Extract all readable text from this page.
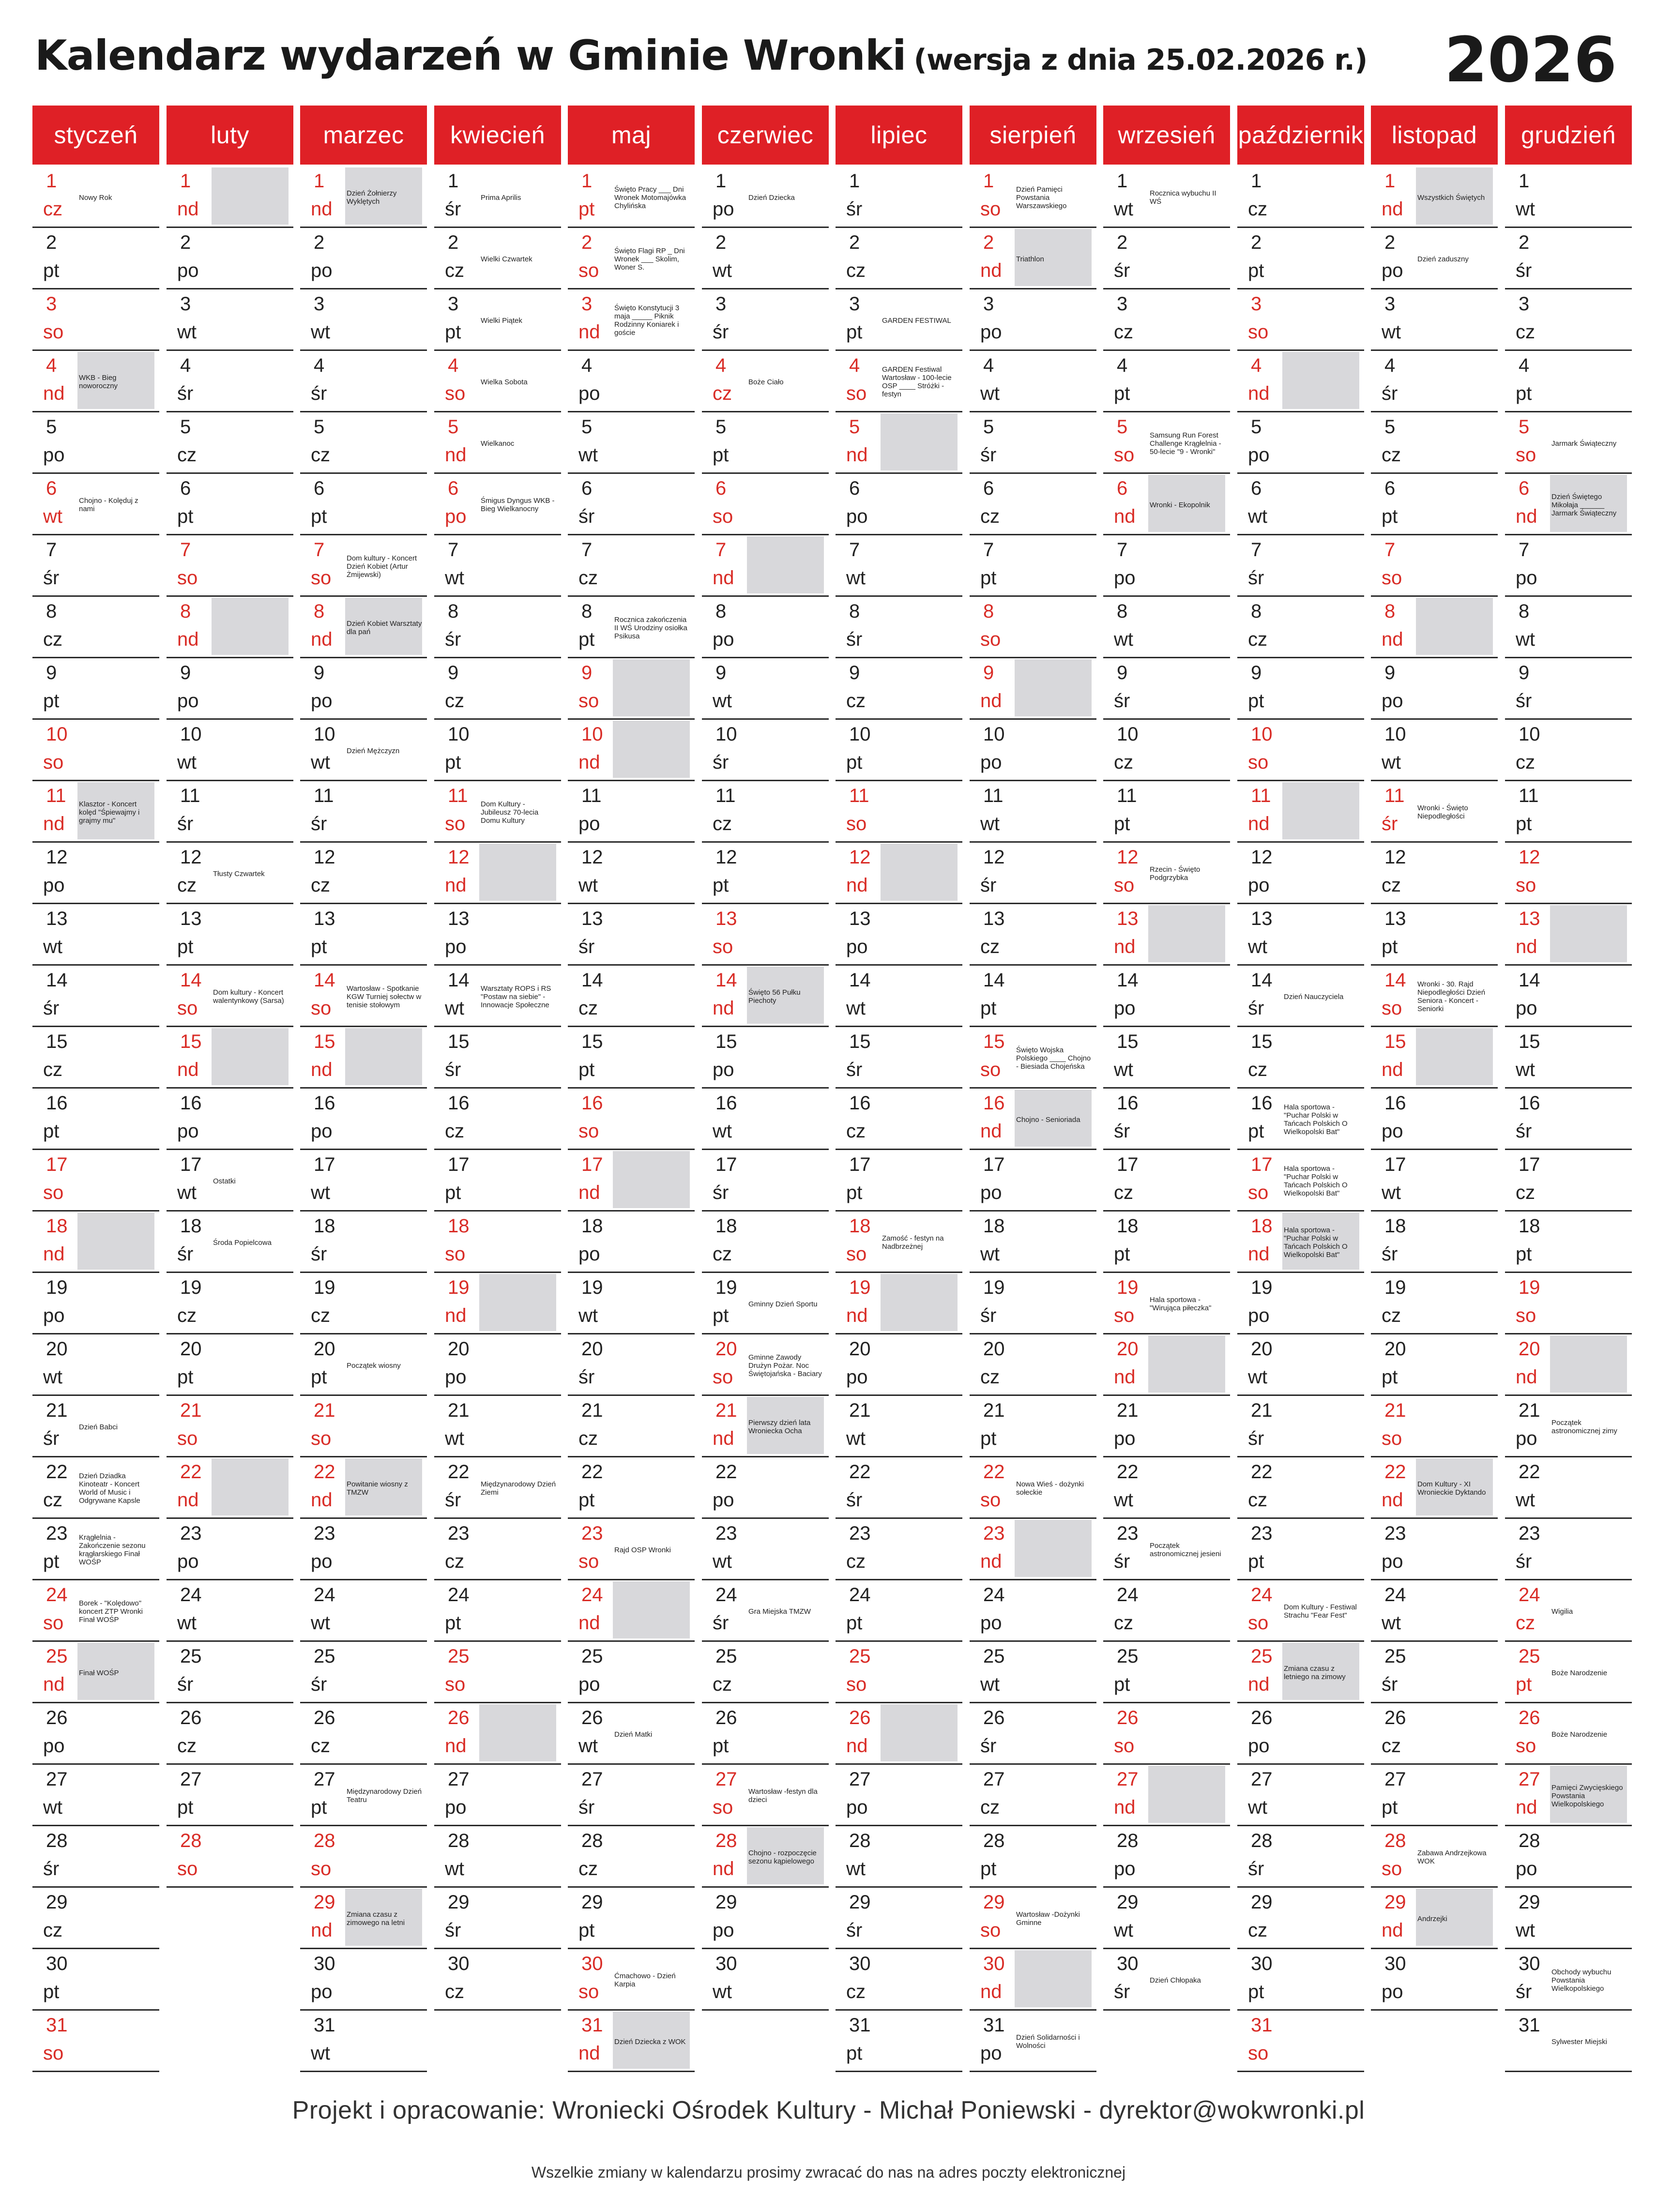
Kalendarz wydarzeń w Gminie Wronki (wersja z dnia 25.02.2026 r.) 2026
styczeń
1
cz
Nowy Rok
2
pt
3
so
4
nd
WKB - Bieg noworoczny
5
po
6
wt
Chojno - Kolęduj z nami
7
śr
8
cz
9
pt
10
so
11
nd
Klasztor - Koncert kolęd "Śpiewajmy i grajmy mu"
12
po
13
wt
14
śr
15
cz
16
pt
17
so
18
nd
19
po
20
wt
21
śr
Dzień Babci
22
cz
Dzień Dziadka Kinoteatr - Koncert World of Music i Odgrywane Kapsle
23
pt
Krągłelnia - Zakończenie sezonu krągłarskiego Finał WOŚP
24
so
Borek - "Kolędowo" koncert ZTP Wronki Finał WOŚP
25
nd
Finał WOŚP
26
po
27
wt
28
śr
29
cz
30
pt
31
so
luty
1
nd
2
po
3
wt
4
śr
5
cz
6
pt
7
so
8
nd
9
po
10
wt
11
śr
12
cz
Tłusty Czwartek
13
pt
14
so
Dom kultury - Koncert walentynkowy (Sarsa)
15
nd
16
po
17
wt
Ostatki
18
śr
Środa Popielcowa
19
cz
20
pt
21
so
22
nd
23
po
24
wt
25
śr
26
cz
27
pt
28
so
marzec
1
nd
Dzień Żołnierzy Wyklętych
2
po
3
wt
4
śr
5
cz
6
pt
7
so
Dom kultury - Koncert Dzień Kobiet (Artur Żmijewski)
8
nd
Dzień Kobiet Warsztaty dla pań
9
po
10
wt
Dzień Mężczyzn
11
śr
12
cz
13
pt
14
so
Wartosław - Spotkanie KGW Turniej sołectw w tenisie stołowym
15
nd
16
po
17
wt
18
śr
19
cz
20
pt
Początek wiosny
21
so
22
nd
Powitanie wiosny z TMZW
23
po
24
wt
25
śr
26
cz
27
pt
Międzynarodowy Dzień Teatru
28
so
29
nd
Zmiana czasu z zimowego na letni
30
po
31
wt
kwiecień
1
śr
Prima Aprilis
2
cz
Wielki Czwartek
3
pt
Wielki Piątek
4
so
Wielka Sobota
5
nd
Wielkanoc
6
po
Śmigus Dyngus WKB - Bieg Wielkanocny
7
wt
8
śr
9
cz
10
pt
11
so
Dom Kultury - Jubileusz 70-lecia Domu Kultury
12
nd
13
po
14
wt
Warsztaty ROPS i RS "Postaw na siebie" - Innowacje Społeczne
15
śr
16
cz
17
pt
18
so
19
nd
20
po
21
wt
22
śr
Międzynarodowy Dzień Ziemi
23
cz
24
pt
25
so
26
nd
27
po
28
wt
29
śr
30
cz
maj
1
pt
Święto Pracy ___ Dni Wronek Motomajówka Chylińska
2
so
Święto Flagi RP _ Dni Wronek ___ Skolim, Woner S.
3
nd
Święto Konstytucji 3 maja _____ Piknik Rodzinny Koniarek i goście
4
po
5
wt
6
śr
7
cz
8
pt
Rocznica zakończenia II WŚ Urodziny osiołka Psikusa
9
so
10
nd
11
po
12
wt
13
śr
14
cz
15
pt
16
so
17
nd
18
po
19
wt
20
śr
21
cz
22
pt
23
so
Rajd OSP Wronki
24
nd
25
po
26
wt
Dzień Matki
27
śr
28
cz
29
pt
30
so
Ćmachowo - Dzień Karpia
31
nd
Dzień Dziecka z WOK
czerwiec
1
po
Dzień Dziecka
2
wt
3
śr
4
cz
Boże Ciało
5
pt
6
so
7
nd
8
po
9
wt
10
śr
11
cz
12
pt
13
so
14
nd
Święto 56 Pułku Piechoty
15
po
16
wt
17
śr
18
cz
19
pt
Gminny Dzień Sportu
20
so
Gminne Zawody Drużyn Pożar. Noc Świętojańska - Baciary
21
nd
Pierwszy dzień lata Wroniecka Ocha
22
po
23
wt
24
śr
Gra Miejska TMZW
25
cz
26
pt
27
so
Wartosław -festyn dla dzieci
28
nd
Chojno - rozpoczęcie sezonu kąpielowego
29
po
30
wt
lipiec
1
śr
2
cz
3
pt
GARDEN FESTIWAL
4
so
GARDEN Festiwal Wartosław - 100-lecie OSP ____ Stróżki - festyn
5
nd
6
po
7
wt
8
śr
9
cz
10
pt
11
so
12
nd
13
po
14
wt
15
śr
16
cz
17
pt
18
so
Zamość - festyn na Nadbrzeżnej
19
nd
20
po
21
wt
22
śr
23
cz
24
pt
25
so
26
nd
27
po
28
wt
29
śr
30
cz
31
pt
sierpień
1
so
Dzień Pamięci Powstania Warszawskiego
2
nd
Triathlon
3
po
4
wt
5
śr
6
cz
7
pt
8
so
9
nd
10
po
11
wt
12
śr
13
cz
14
pt
15
so
Święto Wojska Polskiego ____ Chojno - Biesiada Chojeńska
16
nd
Chojno - Senioriada
17
po
18
wt
19
śr
20
cz
21
pt
22
so
Nowa Wieś - dożynki sołeckie
23
nd
24
po
25
wt
26
śr
27
cz
28
pt
29
so
Wartosław -Dożynki Gminne
30
nd
31
po
Dzień Solidarności i Wolności
wrzesień
1
wt
Rocznica wybuchu II WŚ
2
śr
3
cz
4
pt
5
so
Samsung Run Forest Challenge Krągłelnia - 50-lecie "9 - Wronki"
6
nd
Wronki - Ekopolnik
7
po
8
wt
9
śr
10
cz
11
pt
12
so
Rzecin - Święto Podgrzybka
13
nd
14
po
15
wt
16
śr
17
cz
18
pt
19
so
Hala sportowa - "Wirująca piłeczka"
20
nd
21
po
22
wt
23
śr
Początek astronomicznej jesieni
24
cz
25
pt
26
so
27
nd
28
po
29
wt
30
śr
Dzień Chłopaka
październik
1
cz
2
pt
3
so
4
nd
5
po
6
wt
7
śr
8
cz
9
pt
10
so
11
nd
12
po
13
wt
14
śr
Dzień Nauczyciela
15
cz
16
pt
Hala sportowa - "Puchar Polski w Tańcach Polskich O Wielkopolski Bat"
17
so
Hala sportowa - "Puchar Polski w Tańcach Polskich O Wielkopolski Bat"
18
nd
Hala sportowa - "Puchar Polski w Tańcach Polskich O Wielkopolski Bat"
19
po
20
wt
21
śr
22
cz
23
pt
24
so
Dom Kultury - Festiwal Strachu "Fear Fest"
25
nd
Zmiana czasu z letniego na zimowy
26
po
27
wt
28
śr
29
cz
30
pt
31
so
listopad
1
nd
Wszystkich Świętych
2
po
Dzień zaduszny
3
wt
4
śr
5
cz
6
pt
7
so
8
nd
9
po
10
wt
11
śr
Wronki - Święto Niepodległości
12
cz
13
pt
14
so
Wronki - 30. Rajd Niepodległości Dzień Seniora - Koncert - Seniorki
15
nd
16
po
17
wt
18
śr
19
cz
20
pt
21
so
22
nd
Dom Kultury - XI Wronieckie Dyktando
23
po
24
wt
25
śr
26
cz
27
pt
28
so
Zabawa Andrzejkowa WOK
29
nd
Andrzejki
30
po
grudzień
1
wt
2
śr
3
cz
4
pt
5
so
Jarmark Świąteczny
6
nd
Dzień Świętego Mikołaja ______ Jarmark Świąteczny
7
po
8
wt
9
śr
10
cz
11
pt
12
so
13
nd
14
po
15
wt
16
śr
17
cz
18
pt
19
so
20
nd
21
po
Początek astronomicznej zimy
22
wt
23
śr
24
cz
Wigilia
25
pt
Boże Narodzenie
26
so
Boże Narodzenie
27
nd
Pamięci Zwycięskiego Powstania Wielkopolskiego
28
po
29
wt
30
śr
Obchody wybuchu Powstania Wielkopolskiego
31
Sylwester Miejski
Projekt i opracowanie: Wroniecki Ośrodek Kultury - Michał Poniewski - dyrektor@wokwronki.pl
Wszelkie zmiany w kalendarzu prosimy zwracać do nas na adres poczty elektronicznej
